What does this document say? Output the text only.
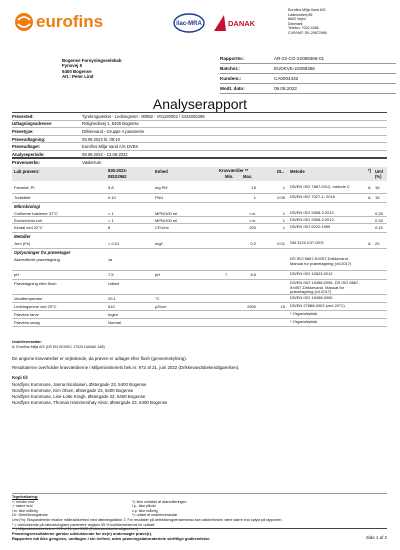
eurofins	ilac-MRA	DANAK
Eurofins Miljø Vand A/S
Ladelundvej 85
6600 Vejen
Danmark
Telefon: 7022 4266
CVR/VAT: DK-29872980
Bogense Forsyningsselskab
Fynsvej 5
5400 Bogense
Att.: Peter Lind
Rapportnr.:	AR-22-CG-22088366-01
Batchnr.:	EUDKVE-22088366
Kundenr.:	CA0004432
Modt. dato:	09.08.2022
Analyserapport
Prøvested:	Tyrekrogværket - Ledningsnet - 80982 - V01100002 / 4423000299
Udtagningsadresse:	Rolighedsvej 1, 5400 Bogense
Prøvetype:	Drikkevand - Gruppe A parametre
Prøveudtagning:	09.08.2022 kl. 09:10
Prøveudtager:	Eurofins Miljø Vand A/S DVEK
Analyseperiode:	09.08.2022 - 13.08.2022
Prøvemærke:	Vaskerum
Lab prøvenr:	835-2022-
08102962
Enhed	Kravværdier **
Min. Max.
DL. Metode	*) Uml (%)
Farvetal, Pt	5.8	mg Pt/l	15	1 DS/EN ISO 7887:2012, metode C	A 15
Turbiditet	0.10	FNU	1	0.05 DS/EN ISO 7027-1: 2016	A 15
Mikrobiologi
Coliforme bakterier 37°C	< 1	MPN/100 ml	i.m.	1 DS/EN ISO 9308-2:2012	0.25
Escherichia coli	< 1	MPN/100 ml	i.m.	1 DS/EN ISO 9308-2:2012	0.25
Kimtal ved 22°C	8	CFU/ml	200	1 DS/EN ISO 6222:1999	0.15
Metaller
Jern (Fe)	< 0.01	mg/l	0.2	0.01 SM 3120 ICP-OES	A 20
Oplysninger fra prøvetager
Akkrediteret prøvetagning	Ja	DS ISO 5667-5:MST-Drikkevand. Manual for prøvetagning (v4:2017)
pH	7.5	pH	7	8.5	DS/EN ISO 10523:2012
Prøvetagning efter flush	Udført	DS/EN ISO 19458:2006, DS ISO 5667-5:MST-Drikkevand. Manual for prøvetagning (v4:2017)
Vandtemperatur	20.1	°C	DS/EN ISO 19458:2006
Ledningsevne ved 20°C	510	µS/cm	2500	15 DS/EN 27888:2003 (ved 20°C)
Prøvens farve	Ingen	* Organoleptisk
Prøvens smag	Normal	* Organoleptisk
Underleverandør:
A: Eurofins Miljø A/S (DS EN ISO/IEC 17025 DANAK 168)
De angivne kravværdier er vejledende, da prøven er udtaget efter flush (gennemskylning).
Resultaterne overholder kravværdierne i Miljøministeriets bek.nr. 972 af 21. juni 2022 (Drikkevandsbekendtgørelsen).
Kopi til:
Nordfyns Kommune, Janna Nicolaisen, Østergade 23, 5400 Bogense
Nordfyns Kommune, Kim Olsen, Østergade 23, 5400 Bogense
Nordfyns Kommune, Lise-Lotte Kragh, Østergade 23, 5400 Bogense
Nordfyns Kommune, Thomas Hammershøy Alnor, Østergade 23, 5400 Bogense
Tegnforklaring:
<: mindre end
>: større end
i.m: ikke målelig
DL: Detektionsgrænse
*): ikke omfattet af akkrediteringen
l.p.: ikke påvist
c.p: ikke målelig
*): udført af underleverandør
Uml (%): Ekspanderede relative måleusikkerhed med dækningsfaktor 2. For resultater på detektionsgrænseniveau kan usikkerheden være større end oplyst på rapporten.
* ): Udelukkende på mikrobiologiske parametre angives 95 % konfidensinterval for uofsæt.
** ) Miljøministeriets bek.nr. 972 af 21. juni 2022 (Drikkevandsbekendtgørelsen)
Prøvningsresultaterne gælder udelukkende for de(n) undersøgte prøve(r).
Rapporten må ikke gengives, undtagen i sin helhed, uden prøvningslaboratoriets skriftlige godkendelse.	Side 1 af 2
